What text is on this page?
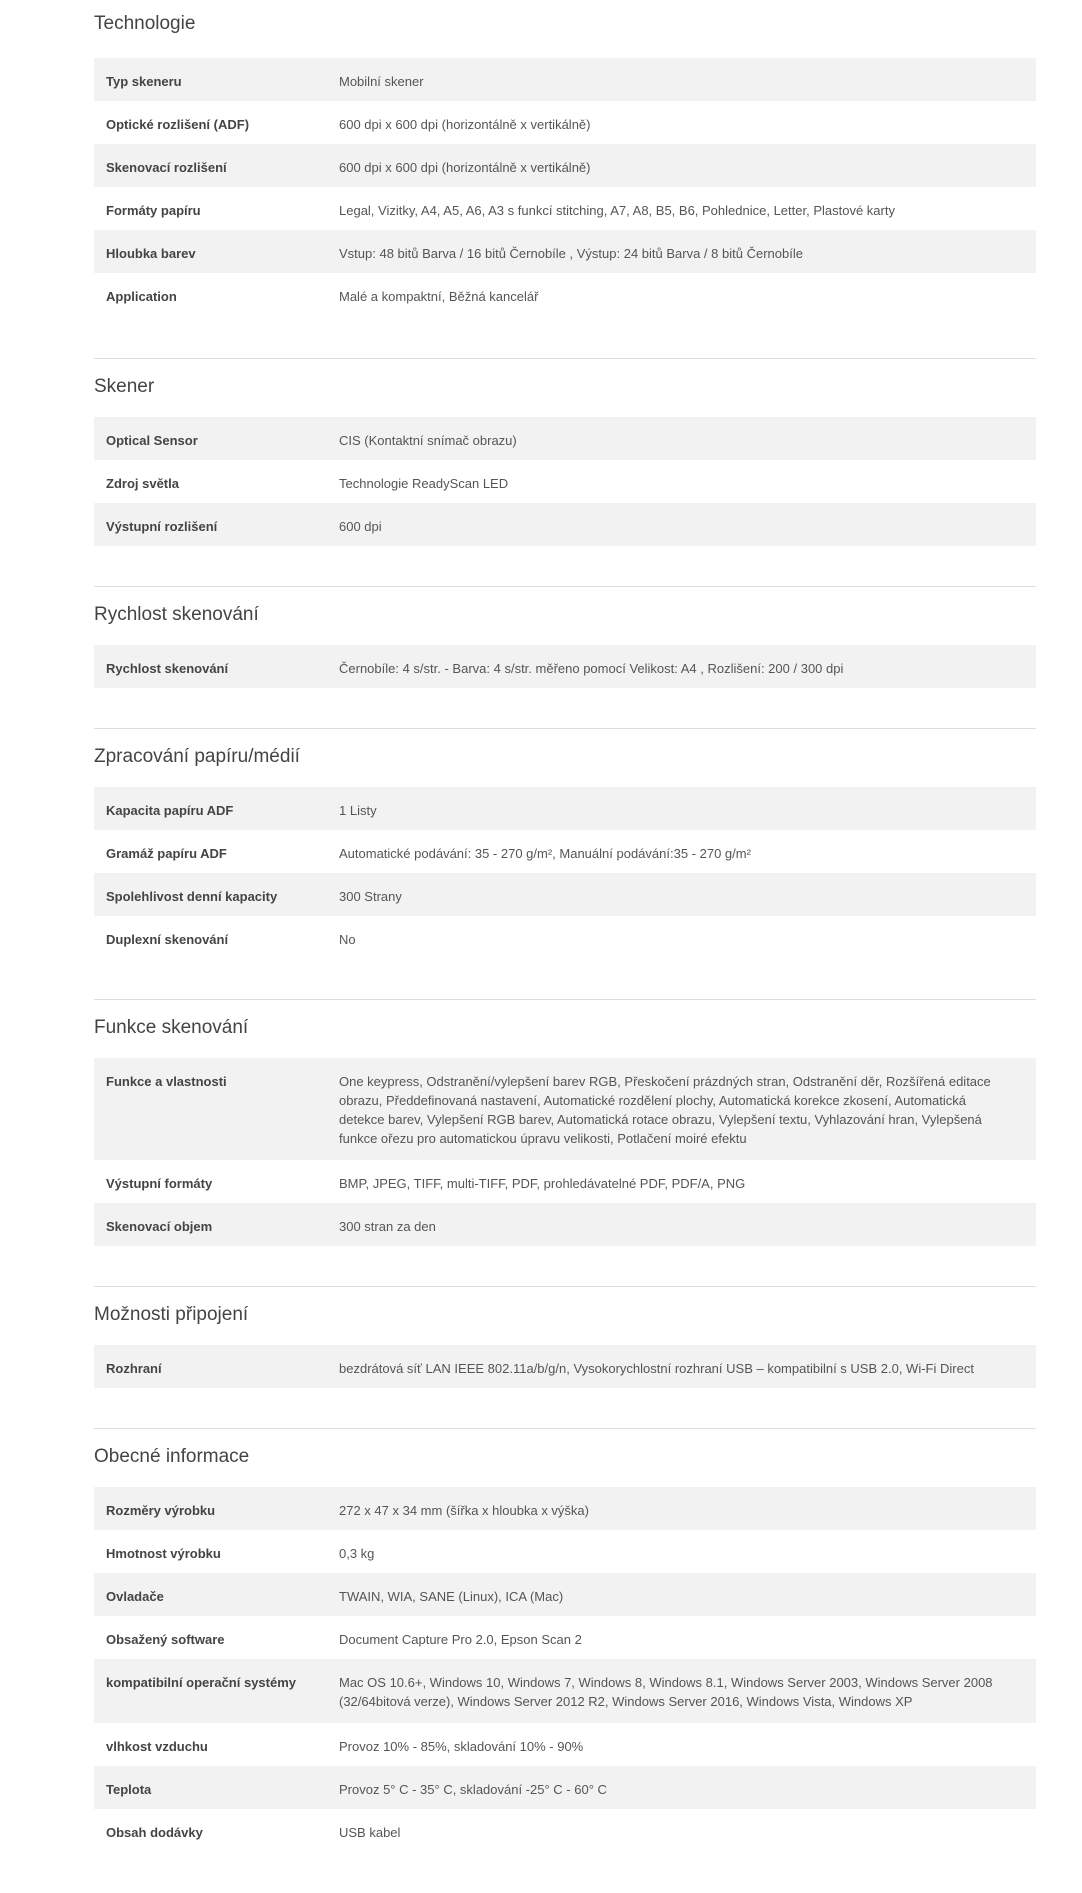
Technologie
Typ skeneru	Mobilní skener
Optické rozlišení (ADF)	600 dpi x 600 dpi (horizontálně x vertikálně)
Skenovací rozlišení	600 dpi x 600 dpi (horizontálně x vertikálně)
Formáty papíru	Legal, Vizitky, A4, A5, A6, A3 s funkcí stitching, A7, A8, B5, B6, Pohlednice, Letter, Plastové karty
Hloubka barev	Vstup: 48 bitů Barva / 16 bitů Černobíle , Výstup: 24 bitů Barva / 8 bitů Černobíle
Application	Malé a kompaktní, Běžná kancelář
Skener
Optical Sensor	CIS (Kontaktní snímač obrazu)
Zdroj světla	Technologie ReadyScan LED
Výstupní rozlišení	600 dpi
Rychlost skenování
Rychlost skenování	Černobíle: 4 s/str. - Barva: 4 s/str. měřeno pomocí Velikost: A4 , Rozlišení: 200 / 300 dpi
Zpracování papíru/médií
Kapacita papíru ADF	1 Listy
Gramáž papíru ADF	Automatické podávání: 35 - 270 g/m², Manuální podávání:35 - 270 g/m²
Spolehlivost denní kapacity	300 Strany
Duplexní skenování	No
Funkce skenování
Funkce a vlastnosti	One keypress, Odstranění/vylepšení barev RGB, Přeskočení prázdných stran, Odstranění děr, Rozšířená editace obrazu, Předdefinovaná nastavení, Automatické rozdělení plochy, Automatická korekce zkosení, Automatická detekce barev, Vylepšení RGB barev, Automatická rotace obrazu, Vylepšení textu, Vyhlazování hran, Vylepšená funkce ořezu pro automatickou úpravu velikosti, Potlačení moiré efektu
Výstupní formáty	BMP, JPEG, TIFF, multi-TIFF, PDF, prohledávatelné PDF, PDF/A, PNG
Skenovací objem	300 stran za den
Možnosti připojení
Rozhraní	bezdrátová síť LAN IEEE 802.11a/b/g/n, Vysokorychlostní rozhraní USB – kompatibilní s USB 2.0, Wi-Fi Direct
Obecné informace
Rozměry výrobku	272 x 47 x 34 mm (šířka x hloubka x výška)
Hmotnost výrobku	0,3 kg
Ovladače	TWAIN, WIA, SANE (Linux), ICA (Mac)
Obsažený software	Document Capture Pro 2.0, Epson Scan 2
kompatibilní operační systémy	Mac OS 10.6+, Windows 10, Windows 7, Windows 8, Windows 8.1, Windows Server 2003, Windows Server 2008 (32/64bitová verze), Windows Server 2012 R2, Windows Server 2016, Windows Vista, Windows XP
vlhkost vzduchu	Provoz 10% - 85%, skladování 10% - 90%
Teplota	Provoz 5° C - 35° C, skladování -25° C - 60° C
Obsah dodávky	USB kabel
